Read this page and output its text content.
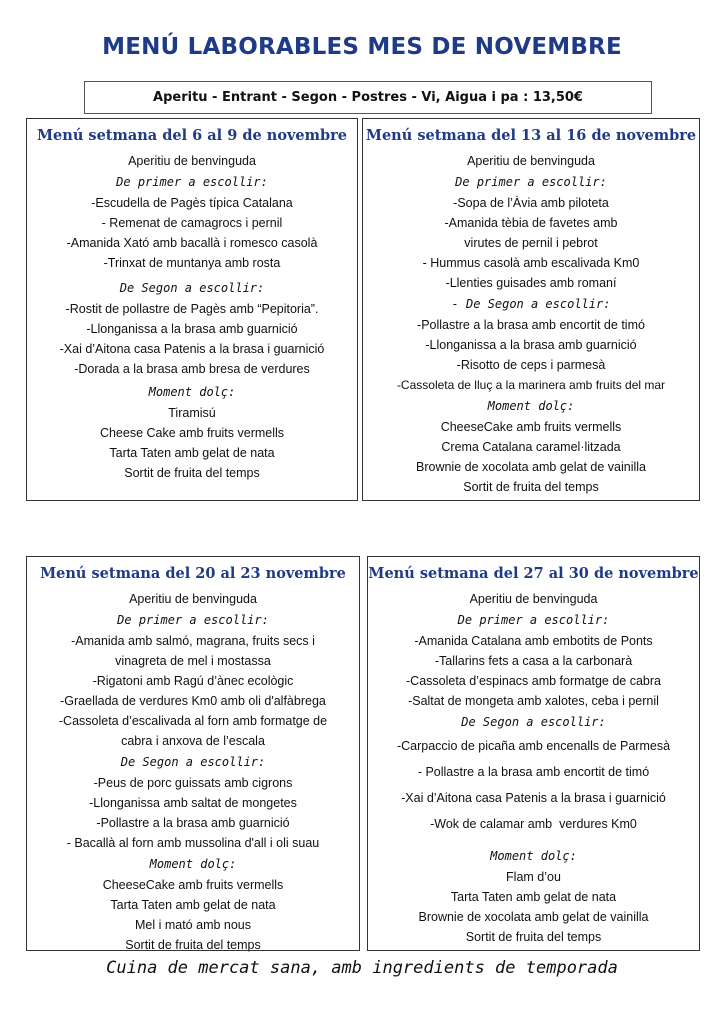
MENÚ LABORABLES MES DE NOVEMBRE
Aperitu - Entrant - Segon - Postres - Vi, Aigua i pa : 13,50€
Menú setmana del 6 al 9 de novembre
Aperitiu de benvinguda
De primer a escollir:
-Escudella de Pagès típica Catalana
- Remenat de camagrocs i pernil
-Amanida Xató amb bacallà i romesco casolà
-Trinxat de muntanya amb rosta
De Segon a escollir:
-Rostit de pollastre de Pagès amb “Pepitoria”.
-Llonganissa a la brasa amb guarnició
-Xai d’Aitona casa Patenis a la brasa i guarnició
-Dorada a la brasa amb bresa de verdures
Moment dolç:
Tiramisú
Cheese Cake amb fruits vermells
Tarta Taten amb gelat de nata
Sortit de fruita del temps
Menú setmana del 13 al 16 de novembre
Aperitiu de benvinguda
De primer a escollir:
-Sopa de l’Àvia amb piloteta
-Amanida tèbia de favetes amb
virutes de pernil i pebrot
- Hummus casolà amb escalivada Km0
-Llenties guisades amb romaní
- De Segon a escollir:
-Pollastre a la brasa amb encortit de timó
-Llonganissa a la brasa amb guarnició
-Risotto de ceps i parmesà
-Cassoleta de lluç a la marinera amb fruits del mar
Moment dolç:
CheeseCake amb fruits vermells
Crema Catalana caramel·litzada
Brownie de xocolata amb gelat de vainilla
Sortit de fruita del temps
Menú setmana del 20 al 23 novembre
Aperitiu de benvinguda
De primer a escollir:
-Amanida amb salmó, magrana, fruits secs i
vinagreta de mel i mostassa
-Rigatoni amb Ragú d’ànec ecològic
-Graellada de verdures Km0 amb oli d'alfàbrega
-Cassoleta d’escalivada al forn amb formatge de
cabra i anxova de l’escala
De Segon a escollir:
-Peus de porc guissats amb cigrons
-Llonganissa amb saltat de mongetes
-Pollastre a la brasa amb guarnició
- Bacallà al forn amb mussolina d'all i oli suau
Moment dolç:
CheeseCake amb fruits vermells
Tarta Taten amb gelat de nata
Mel i mató amb nous
Sortit de fruita del temps
Menú setmana del 27 al 30 de novembre
Aperitiu de benvinguda
De primer a escollir:
-Amanida Catalana amb embotits de Ponts
-Tallarins fets a casa a la carbonarà
-Cassoleta d’espinacs amb formatge de cabra
-Saltat de mongeta amb xalotes, ceba i pernil
De Segon a escollir:
-Carpaccio de picaña amb encenalls de Parmesà
- Pollastre a la brasa amb encortit de timó
-Xai d’Aitona casa Patenis a la brasa i guarnició
-Wok de calamar amb  verdures Km0
Moment dolç:
Flam d’ou
Tarta Taten amb gelat de nata
Brownie de xocolata amb gelat de vainilla
Sortit de fruita del temps
Cuina de mercat sana, amb ingredients de temporada
